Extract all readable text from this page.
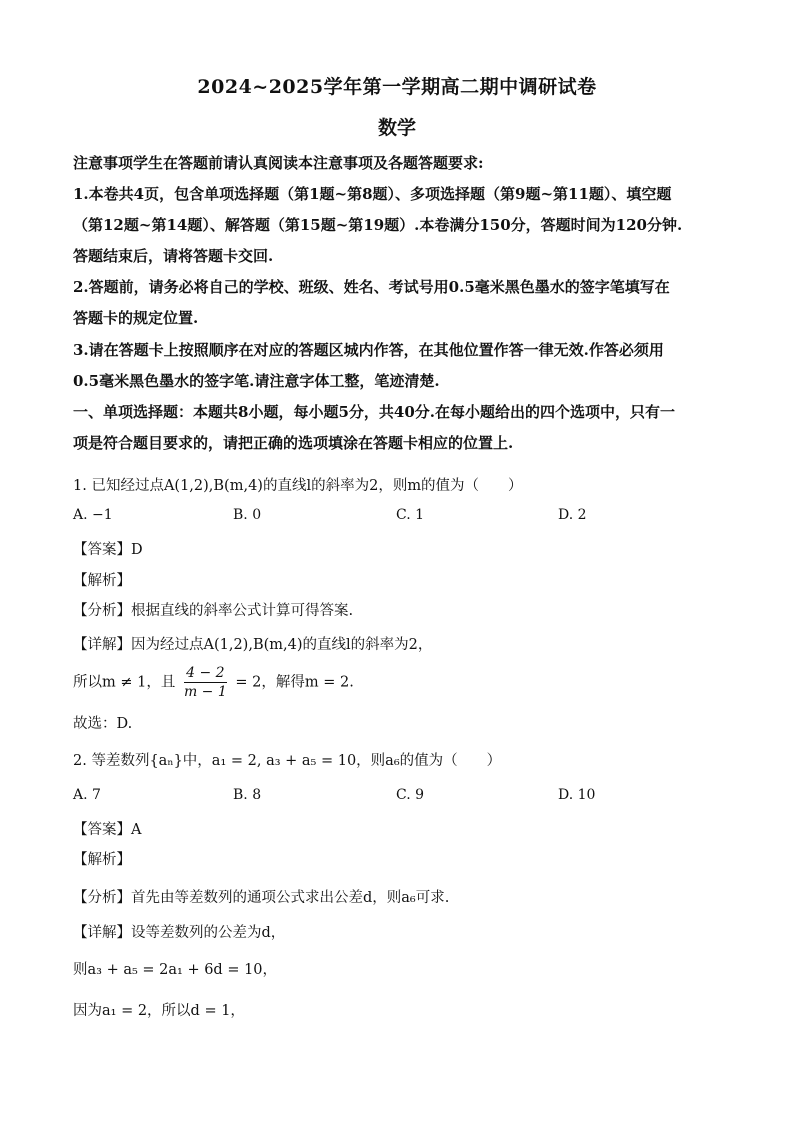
2024~2025学年第一学期高二期中调研试卷
数学
注意事项学生在答题前请认真阅读本注意事项及各题答题要求:
1.本卷共4页，包含单项选择题（第1题~第8题）、多项选择题（第9题~第11题）、填空题
（第12题~第14题）、解答题（第15题~第19题）.本卷满分150分，答题时间为120分钟.
答题结束后，请将答题卡交回.
2.答题前，请务必将自己的学校、班级、姓名、考试号用0.5毫米黑色墨水的签字笔填写在
答题卡的规定位置.
3.请在答题卡上按照顺序在对应的答题区城内作答，在其他位置作答一律无效.作答必须用
0.5毫米黑色墨水的签字笔.请注意字体工整，笔迹清楚.
一、单项选择题：本题共8小题，每小题5分，共40分.在每小题给出的四个选项中，只有一
项是符合题目要求的，请把正确的选项填涂在答题卡相应的位置上.
1. 已知经过点A(1,2),B(m,4)的直线l的斜率为2，则m的值为（　　）
A. −1	B. 0	C. 1	D. 2
【答案】D
【解析】
【分析】根据直线的斜率公式计算可得答案.
【详解】因为经过点A(1,2),B(m,4)的直线l的斜率为2，
所以m ≠ 1，且 $\frac{4 - 2}{m - 1} = 2$，解得m = 2.
故选：D.
2. 等差数列{aₙ}中，a₁ = 2, a₃ + a₅ = 10，则a₆的值为（　　）
A. 7	B. 8	C. 9	D. 10
【答案】A
【解析】
【分析】首先由等差数列的通项公式求出公差d，则a₆可求.
【详解】设等差数列的公差为d，
则a₃ + a₅ = 2a₁ + 6d = 10，
因为a₁ = 2，所以d = 1，
